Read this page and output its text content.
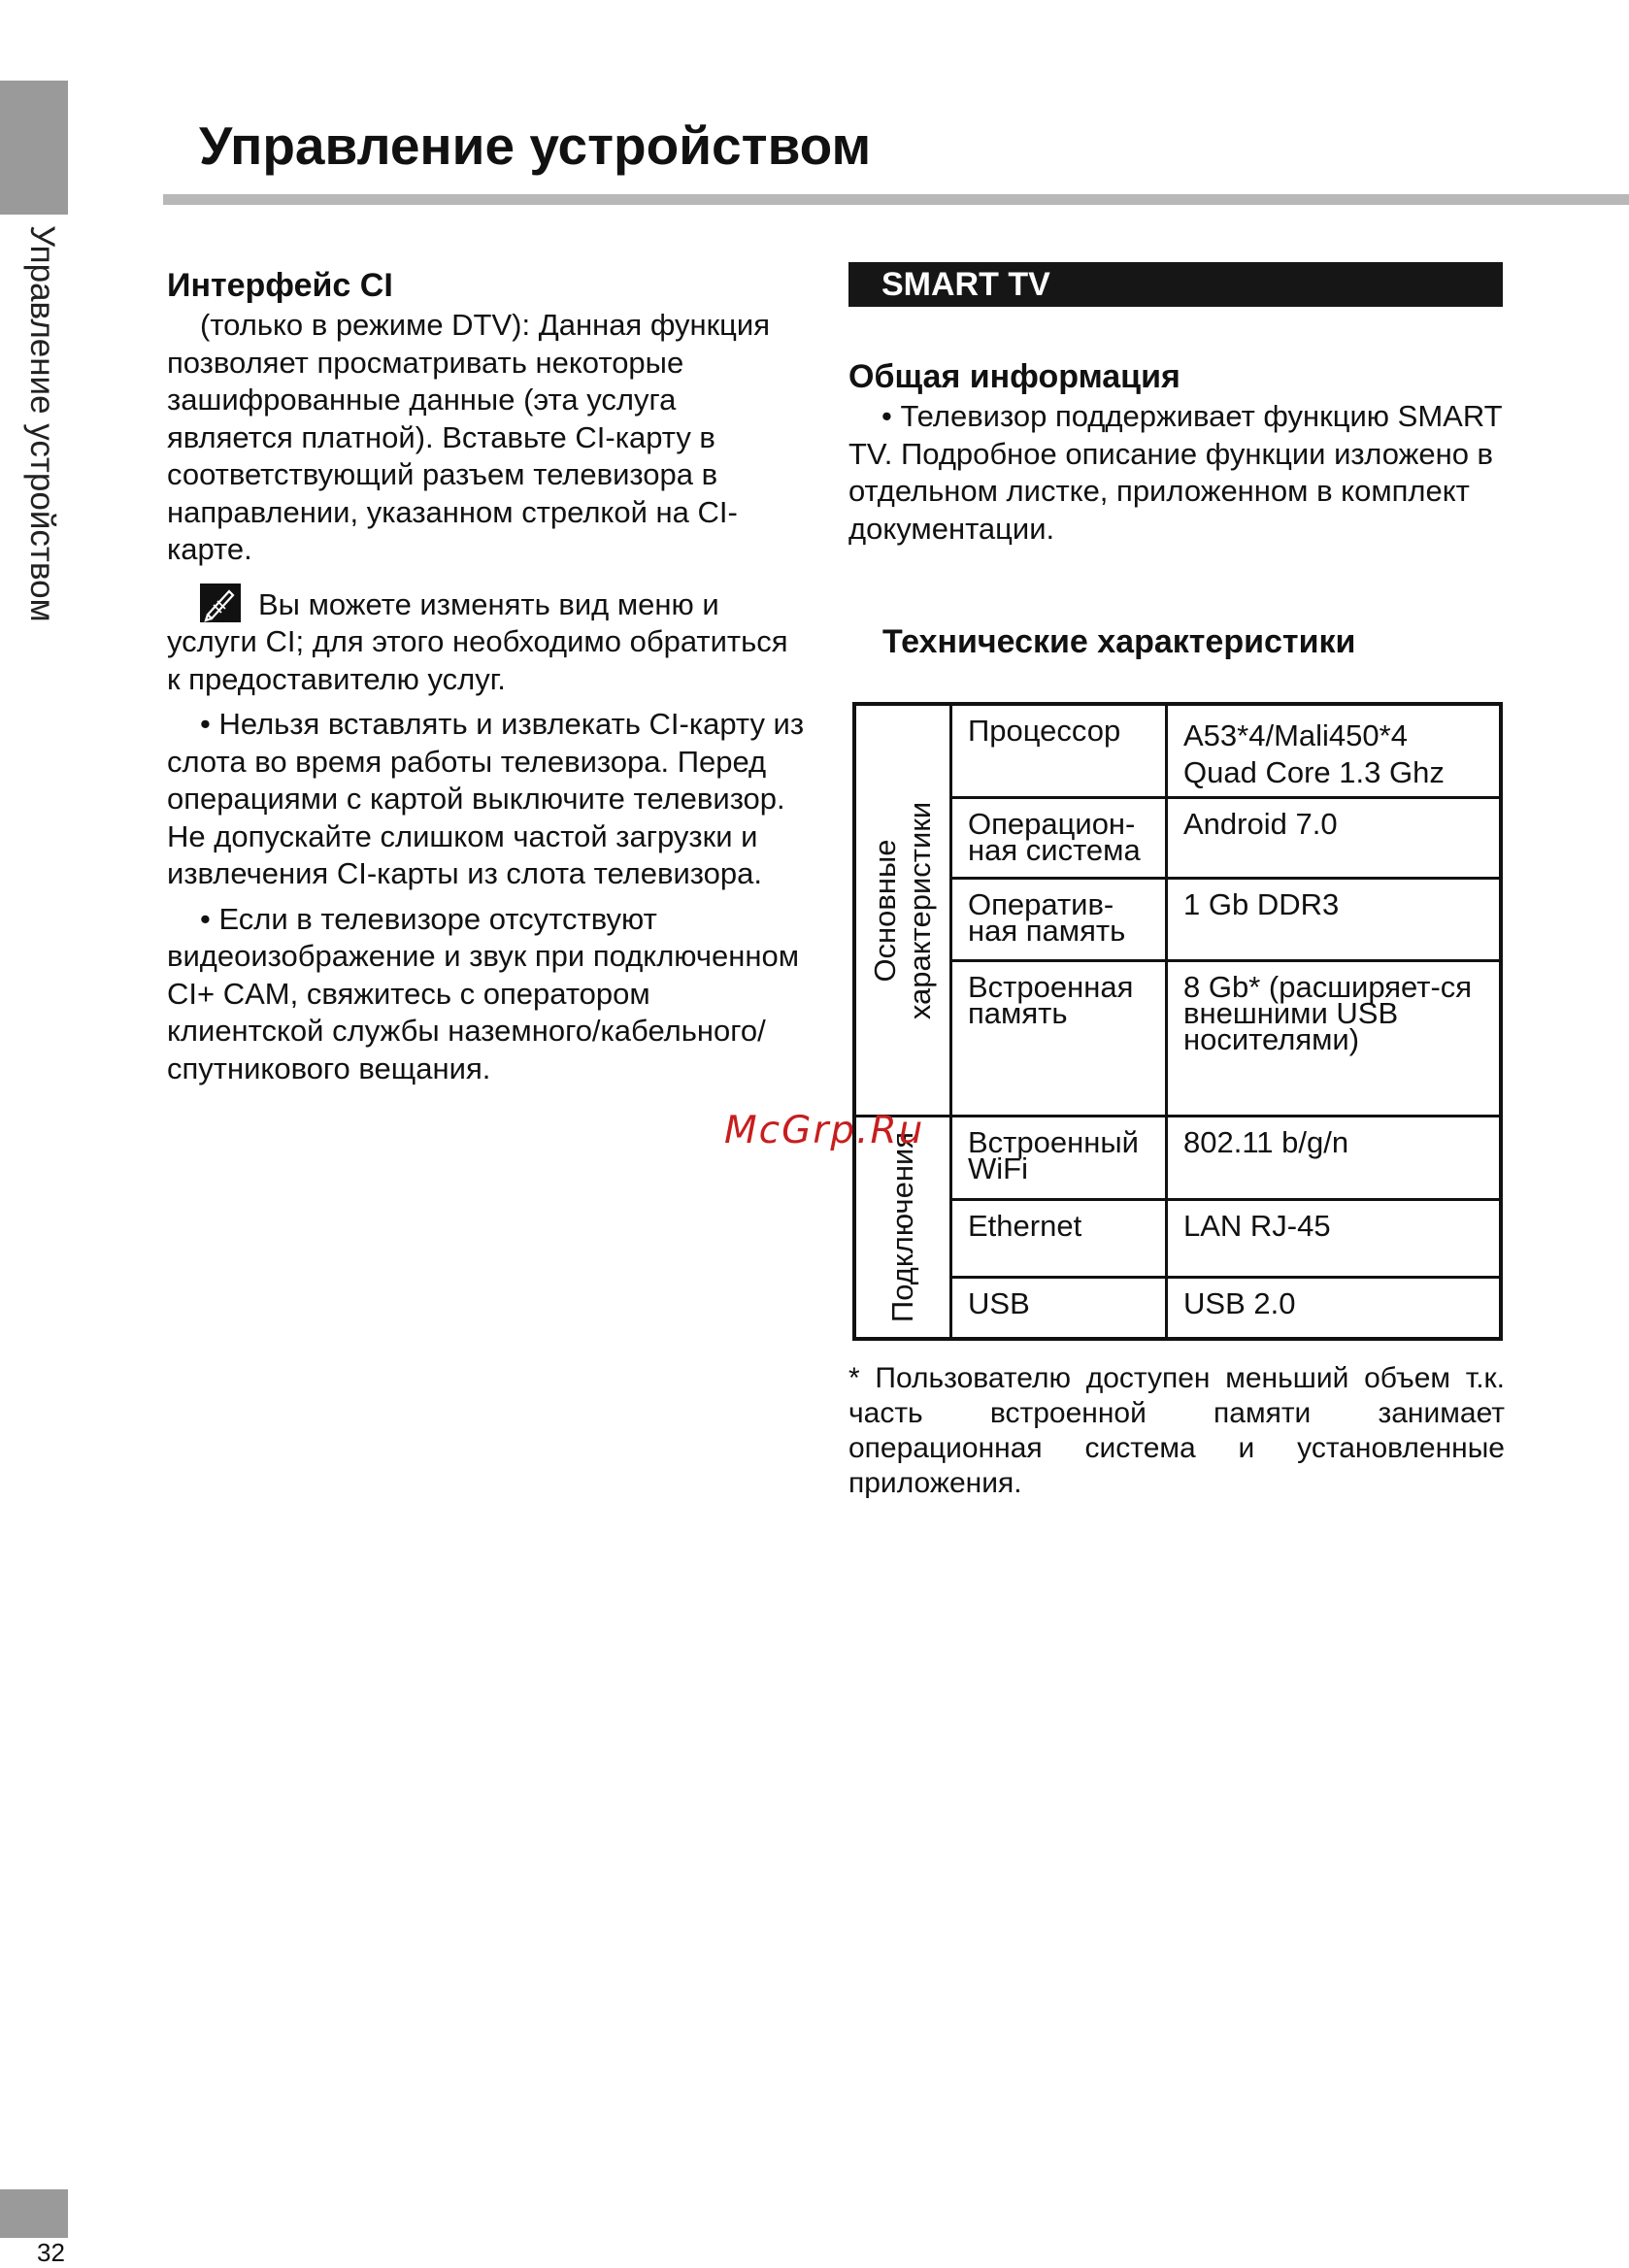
Управление устройством
32
Управление устройством

Интерфейс CI

(только в режиме DTV): Данная функция позволяет просматривать некоторые зашифрованные данные (эта услуга является платной). Вставьте CI-карту в соответствующий разъем телевизора в направлении, указанном стрелкой на CI-карте.

Вы можете изменять вид меню и услуги CI; для этого необходимо обратиться к предоставителю услуг.

• Нельзя вставлять и извлекать CI-карту из слота во время работы телевизора. Перед операциями с картой выключите телевизор. Не допускайте слишком частой загрузки и извлечения CI-карты из слота телевизора.

• Если в телевизоре отсутствуют видеоизображение и звук при подключенном CI+ CAM, свяжитесь с оператором клиентской службы наземного/кабельного/спутникового вещания.

SMART TV

Общая информация

• Телевизор поддерживает функцию SMART TV. Подробное описание функции изложено в отдельном листке, приложенном в комплект документации.

Технические характеристики
Основные характеристики	Процессор	A53*4/Mali450*4 Quad Core 1.3 Ghz

	Операцион-ная система	Android 7.0
	Оператив-ная память	1 Gb DDR3
	Встроенная память	8 Gb* (расширяет-ся внешними USB носителями)

Подключения	Встроенный WiFi	802.11 b/g/n
	Ethernet	LAN RJ-45
	USB	USB 2.0

* Пользователю доступен меньший объем т.к. часть встроенной памяти занимает операционная система и установленные приложения.

McGrp.Ru
